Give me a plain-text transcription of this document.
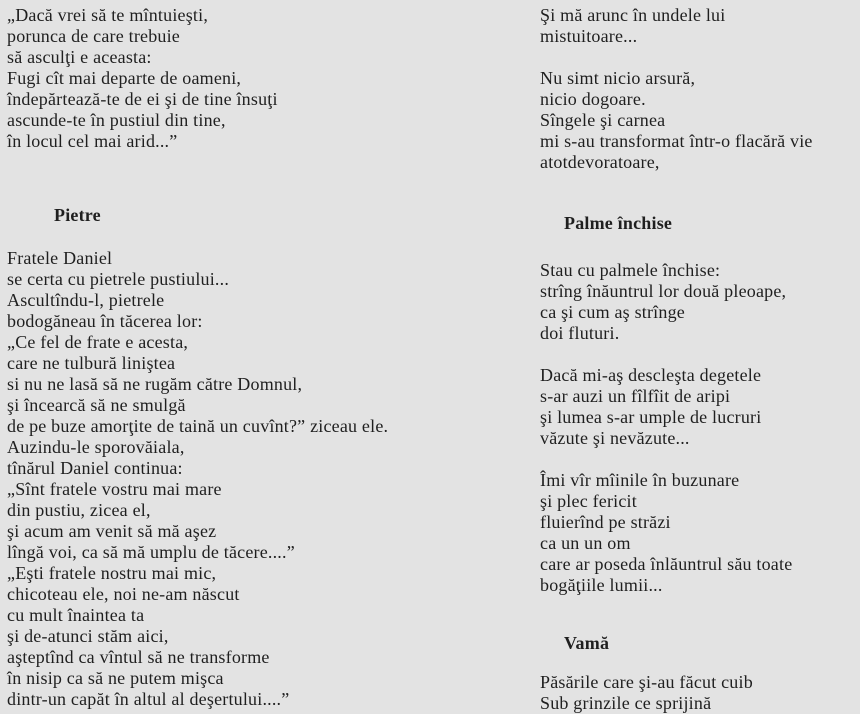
„Dacă vrei să te mîntuieşti,
porunca de care trebuie
să asculţi e aceasta:
Fugi cît mai departe de oameni,
îndepărtează-te de ei şi de tine însuţi
ascunde-te în pustiul din tine,
în locul cel mai arid...”
Pietre
Fratele Daniel
se certa cu pietrele pustiului...
Ascultîndu-l, pietrele
bodogăneau în tăcerea lor:
„Ce fel de frate e acesta,
care ne tulbură liniştea
si nu ne lasă să ne rugăm către Domnul,
şi încearcă să ne smulgă
de pe buze amorţite de taină un cuvînt?” ziceau ele.
Auzindu-le sporovăiala,
tînărul Daniel continua:
„Sînt fratele vostru mai mare
din pustiu, zicea el,
şi acum am venit să mă aşez
lîngă voi, ca să mă umplu de tăcere....”
„Eşti fratele nostru mai mic,
chicoteau ele, noi ne-am născut
cu mult înaintea ta
şi de-atunci stăm aici,
aşteptînd ca vîntul să ne transforme
în nisip ca să ne putem mişca
dintr-un capăt în altul al deşertului....”
Şi mă arunc în undele lui
mistuitoare...
Nu simt nicio arsură,
nicio dogoare.
Sîngele şi carnea
mi s-au transformat într-o flacără vie
atotdevoratoare,
Palme închise
Stau cu palmele închise:
strîng înăuntrul lor două pleoape,
ca şi cum aş strînge
doi fluturi.
Dacă mi-aş descleşta degetele
s-ar auzi un fîlfîit de aripi
şi lumea s-ar umple de lucruri
văzute şi nevăzute...
Îmi vîr mîinile în buzunare
şi plec fericit
fluierînd pe străzi
ca un un om
care ar poseda înlăuntrul său toate
bogăţiile lumii...
Vamă
Păsările care şi-au făcut cuib
Sub grinzile ce sprijină
